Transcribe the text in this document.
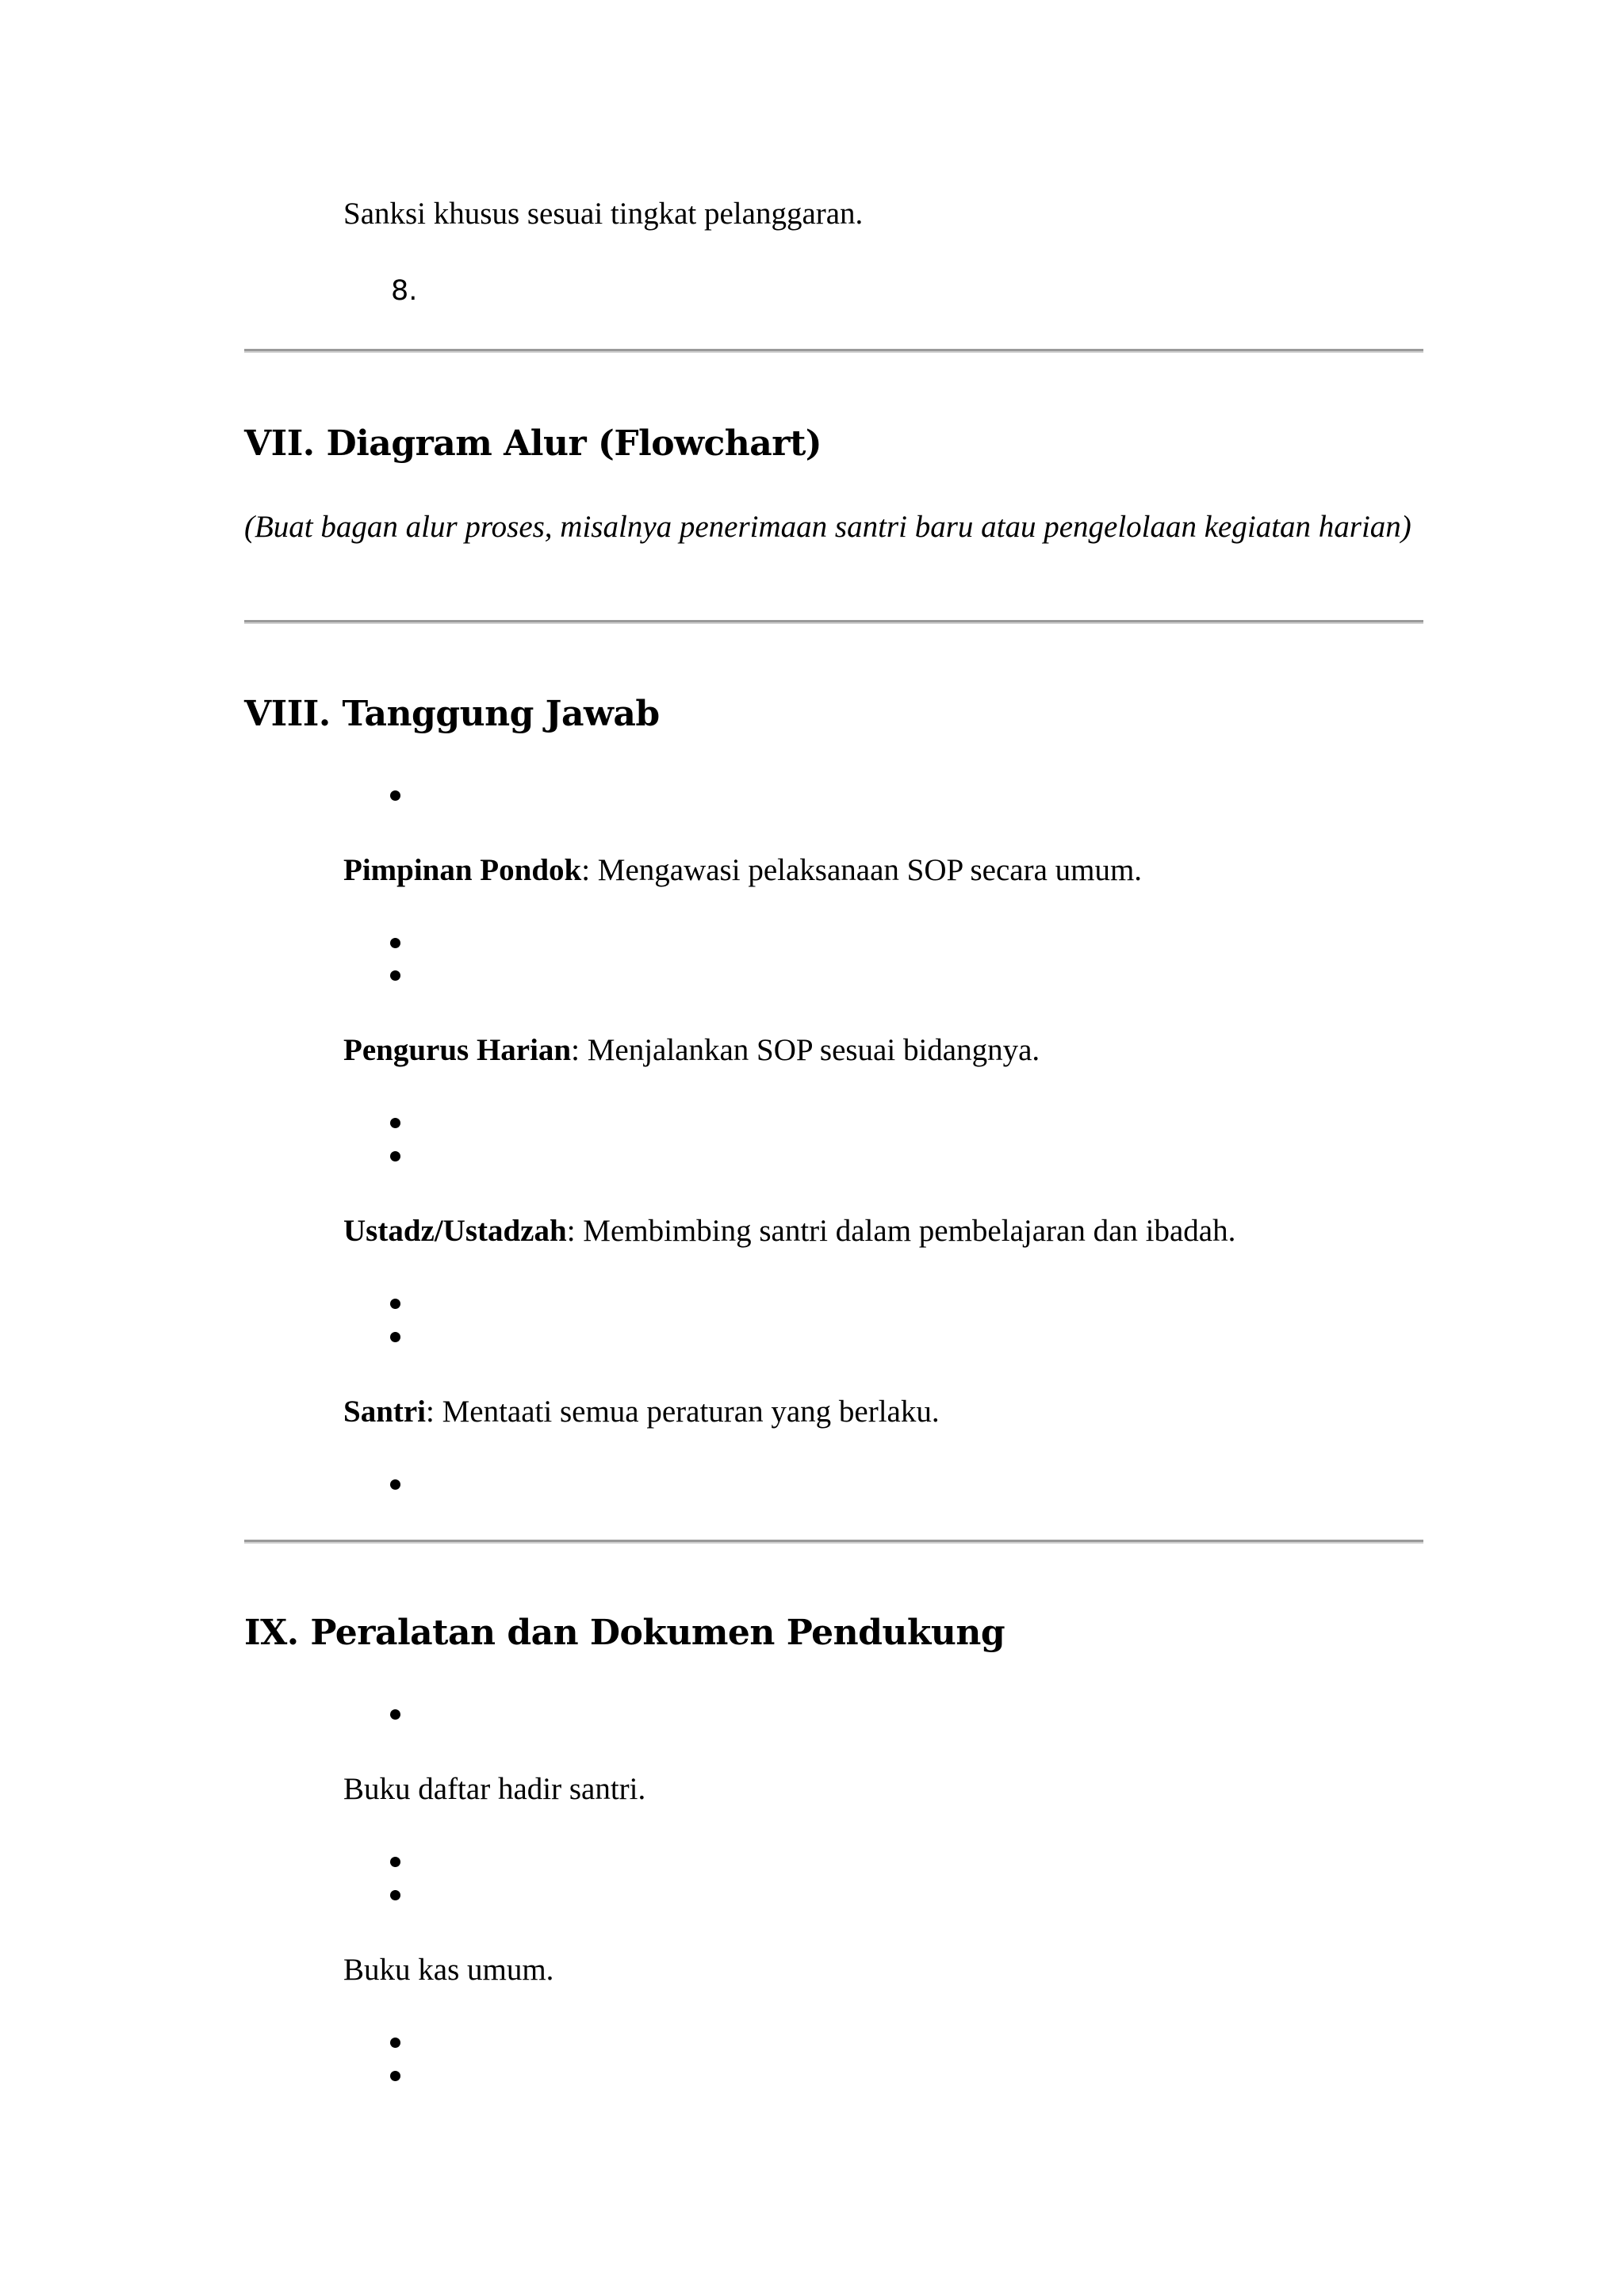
Sanksi khusus sesuai tingkat pelanggaran.
8.
VII. Diagram Alur (Flowchart)
(Buat bagan alur proses, misalnya penerimaan santri baru atau pengelolaan kegiatan harian)
VIII. Tanggung Jawab
Pimpinan Pondok: Mengawasi pelaksanaan SOP secara umum.
Pengurus Harian: Menjalankan SOP sesuai bidangnya.
Ustadz/Ustadzah: Membimbing santri dalam pembelajaran dan ibadah.
Santri: Mentaati semua peraturan yang berlaku.
IX. Peralatan dan Dokumen Pendukung
Buku daftar hadir santri.
Buku kas umum.
